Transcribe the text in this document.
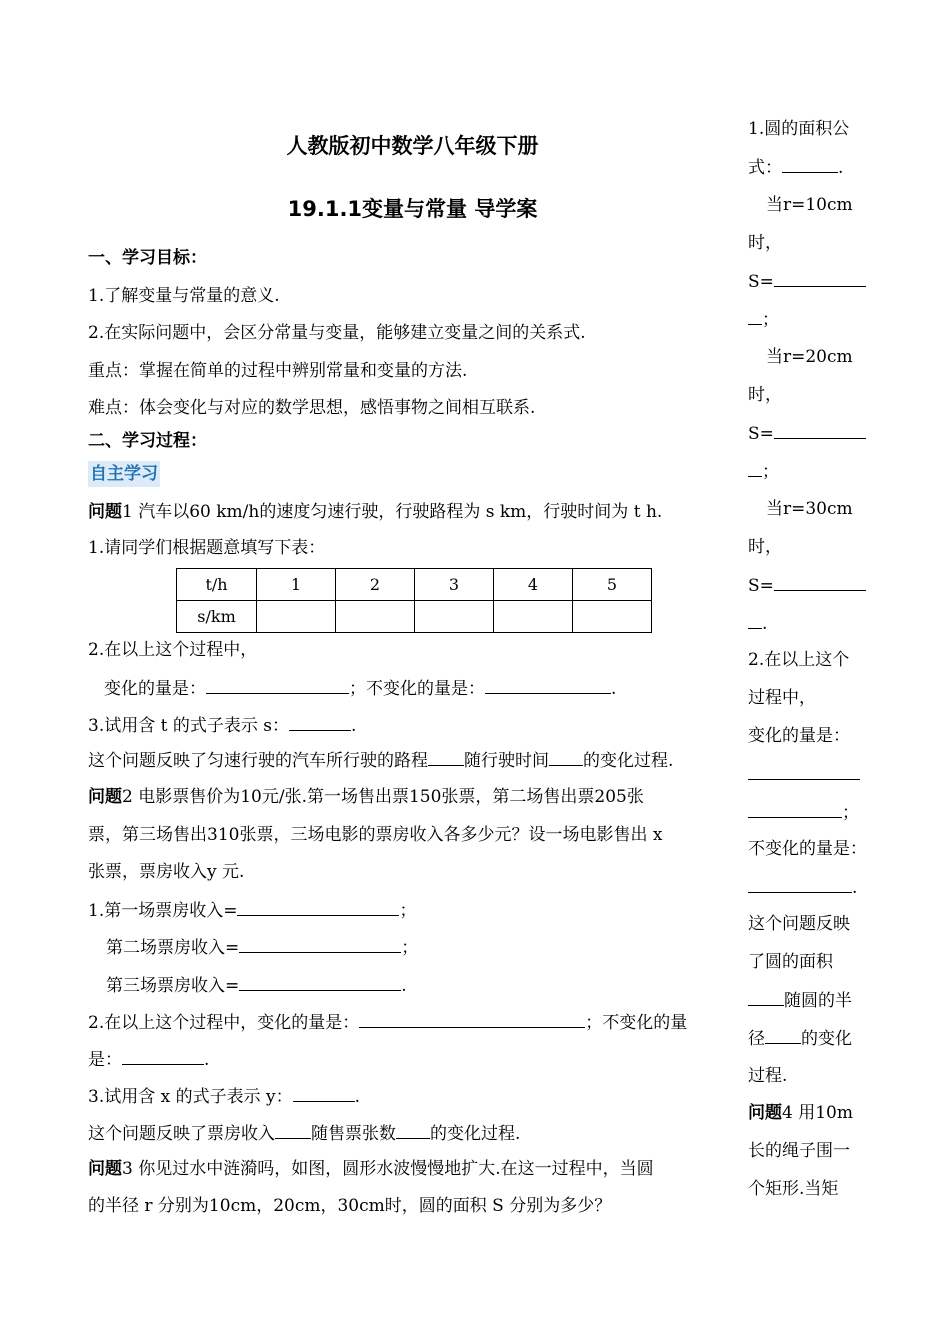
人教版初中数学八年级下册
19.1.1变量与常量 导学案
一、学习目标：
1.了解变量与常量的意义.
2.在实际问题中，会区分常量与变量，能够建立变量之间的关系式.
重点：掌握在简单的过程中辨别常量和变量的方法.
难点：体会变化与对应的数学思想，感悟事物之间相互联系.
二、学习过程：
自主学习
问题1 汽车以60 km/h的速度匀速行驶，行驶路程为 s km，行驶时间为 t h.
1.请同学们根据题意填写下表：
t/h	1	2	3	4	5
s/km					
2.在以上这个过程中，
变化的量是：	；不变化的量是：	.
3.试用含 t 的式子表示 s：	.
这个问题反映了匀速行驶的汽车所行驶的路程 随行驶时间 的变化过程.
问题2 电影票售价为10元/张.第一场售出票150张票，第二场售出票205张
票，第三场售出310张票，三场电影的票房收入各多少元？设一场电影售出 x
张票，票房收入y 元.
1.第一场票房收入=	；
第二场票房收入=	；
第三场票房收入=	.
2.在以上这个过程中，变化的量是：	；不变化的量
是：	.
3.试用含 x 的式子表示 y：	.
这个问题反映了票房收入 随售票张数 的变化过程.
问题3 你见过水中涟漪吗，如图，圆形水波慢慢地扩大.在这一过程中，当圆
的半径 r 分别为10cm，20cm，30cm时，圆的面积 S 分别为多少？
1.圆的面积公
式：	.
当r=10cm
时，
S=
；
当r=20cm
时，
S=
；
当r=30cm
时，
S=
.
2.在以上这个
过程中，
变化的量是：
；
不变化的量是：
.
这个问题反映
了圆的面积
随圆的半
径 的变化
过程.
问题4 用10m
长的绳子围一
个矩形.当矩
